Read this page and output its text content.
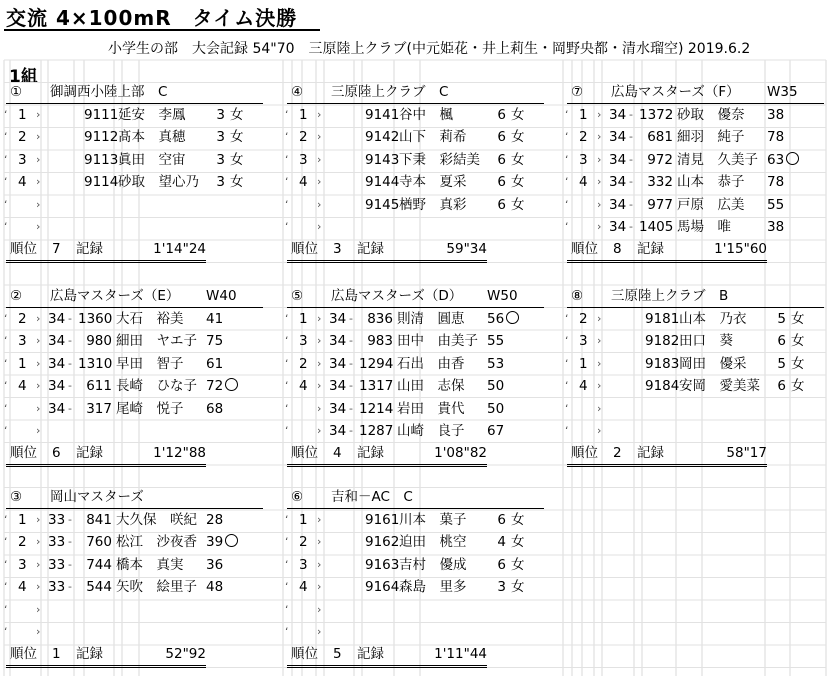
交流 4×100mR　タイム決勝
小学生の部　大会記録 54"70　三原陸上クラブ(中元姫花・井上莉生・岡野央都・清水瑠空) 2019.6.2
1組
① 御調西小陸上部　C
ʻ	›
1	9111 延安　李鳳	3 女
ʻ	›
2	9112 髙本　真穂	3 女
ʻ	›
3	9113 眞田　空宙	3 女
ʻ	›
4	9114 砂取　望心乃	3 女
ʻ	›
ʻ	›
順位 7 記録	1'14"24
④ 三原陸上クラブ　C
ʻ	›
1	9141 谷中　楓	6 女
ʻ	›
2	9142 山下　莉希	6 女
ʻ	›
3	9143 下秉　彩結美	6 女
ʻ	›
4	9144 寺本　夏采	6 女
ʻ	›	9145 楢野　真彩	6 女
ʻ	›
順位 3 記録	59"34
⑦ 広島マスターズ（F） W35
ʻ	›
1 34 - 1372 砂取　優奈 38
ʻ	›
2 34 -	681 細羽　純子 78
ʻ	›
3 34 -	972 清見　久美子 63
ʻ	›
4 34 -	332 山本　恭子 78
ʻ	› 34 -	977 戸原　広美 55
ʻ	› 34 - 1405 馬場　唯	38
順位 8 記録	1'15"60
② 広島マスターズ（E） W40
ʻ	›
2 34 - 1360 大石　裕美 41
ʻ	›
3 34 -	980 細田　ヤエ子 75
ʻ	›
1 34 - 1310 早田　智子 61
ʻ	›
4 34 -	611 長崎　ひな子 72
ʻ	› 34 -	317 尾崎　悦子 68
ʻ	›
順位 6 記録	1'12"88
⑤ 広島マスターズ（D） W50
ʻ	›
1 34 -	836 則清　圓恵 56
ʻ	›
3 34 -	983 田中　由美子 55
ʻ	›
2 34 - 1294 石出　由香 53
ʻ	›
4 34 - 1317 山田　志保 50
ʻ	› 34 - 1214 岩田　貴代 50
ʻ	› 34 - 1287 山崎　良子 67
順位 4 記録	1'08"82
⑧ 三原陸上クラブ　B
ʻ	›
2	9181 山本　乃衣	5 女
ʻ	›
3	9182 田口　葵	6 女
ʻ	›
1	9183 岡田　優采	5 女
ʻ	›
4	9184 安岡　愛美菜	6 女
ʻ	›
ʻ	›
順位 2 記録	58"17
③ 岡山マスターズ
ʻ	›
1 33 -	841 大久保　咲紀 28
ʻ	›
2 33 -	760 松江　沙夜香 39
ʻ	›
3 33 -	744 橋本　真実 36
ʻ	›
4 33 -	544 矢吹　絵里子 48
ʻ	›
ʻ	›
順位 1 記録	52"92
⑥ 吉和－AC　C
ʻ	›
1	9161 川本　菓子	6 女
ʻ	›
2	9162 迫田　桃空	4 女
ʻ	›
3	9163 吉村　優成	6 女
ʻ	›
4	9164 森島　里多	3 女
ʻ	›
ʻ	›
順位 5 記録	1'11"44
